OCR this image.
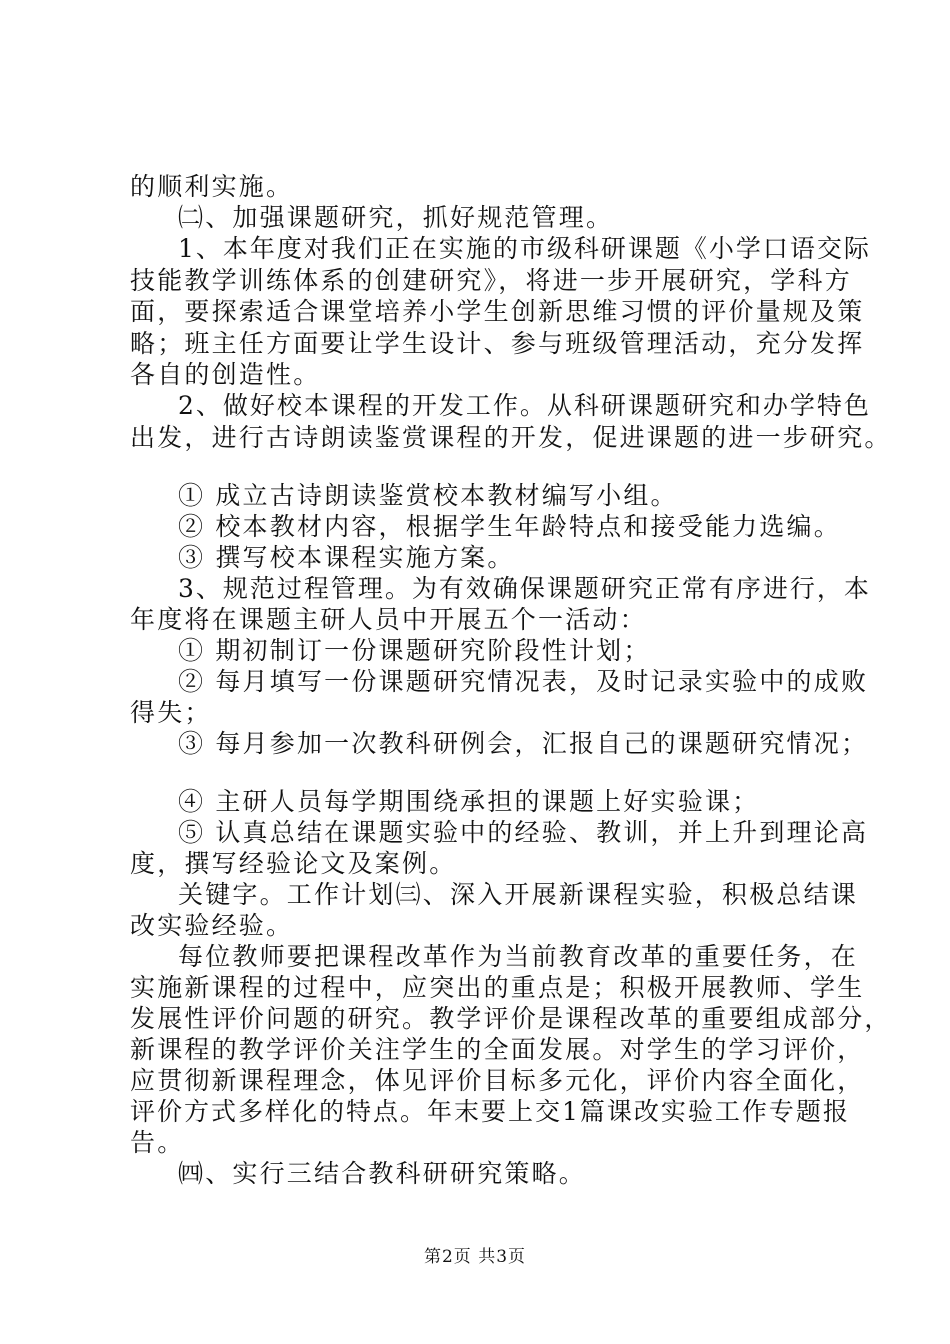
的顺利实施。
㈡、加强课题研究，抓好规范管理。
1、本年度对我们正在实施的市级科研课题《小学口语交际
技能教学训练体系的创建研究》，将进一步开展研究，学科方
面，要探索适合课堂培养小学生创新思维习惯的评价量规及策
略；班主任方面要让学生设计、参与班级管理活动，充分发挥
各自的创造性。
2、做好校本课程的开发工作。从科研课题研究和办学特色
出发，进行古诗朗读鉴赏课程的开发，促进课题的进一步研究。
① 成立古诗朗读鉴赏校本教材编写小组。
② 校本教材内容，根据学生年龄特点和接受能力选编。
③ 撰写校本课程实施方案。
3、规范过程管理。为有效确保课题研究正常有序进行，本
年度将在课题主研人员中开展五个一活动：
① 期初制订一份课题研究阶段性计划；
② 每月填写一份课题研究情况表，及时记录实验中的成败
得失；
③ 每月参加一次教科研例会，汇报自己的课题研究情况；
④ 主研人员每学期围绕承担的课题上好实验课；
⑤ 认真总结在课题实验中的经验、教训，并上升到理论高
度，撰写经验论文及案例。
关键字。工作计划㈢、深入开展新课程实验，积极总结课
改实验经验。
每位教师要把课程改革作为当前教育改革的重要任务，在
实施新课程的过程中，应突出的重点是；积极开展教师、学生
发展性评价问题的研究。教学评价是课程改革的重要组成部分，
新课程的教学评价关注学生的全面发展。对学生的学习评价，
应贯彻新课程理念，体见评价目标多元化，评价内容全面化，
评价方式多样化的特点。年末要上交1篇课改实验工作专题报
告。
㈣、实行三结合教科研研究策略。
第2页 共3页
